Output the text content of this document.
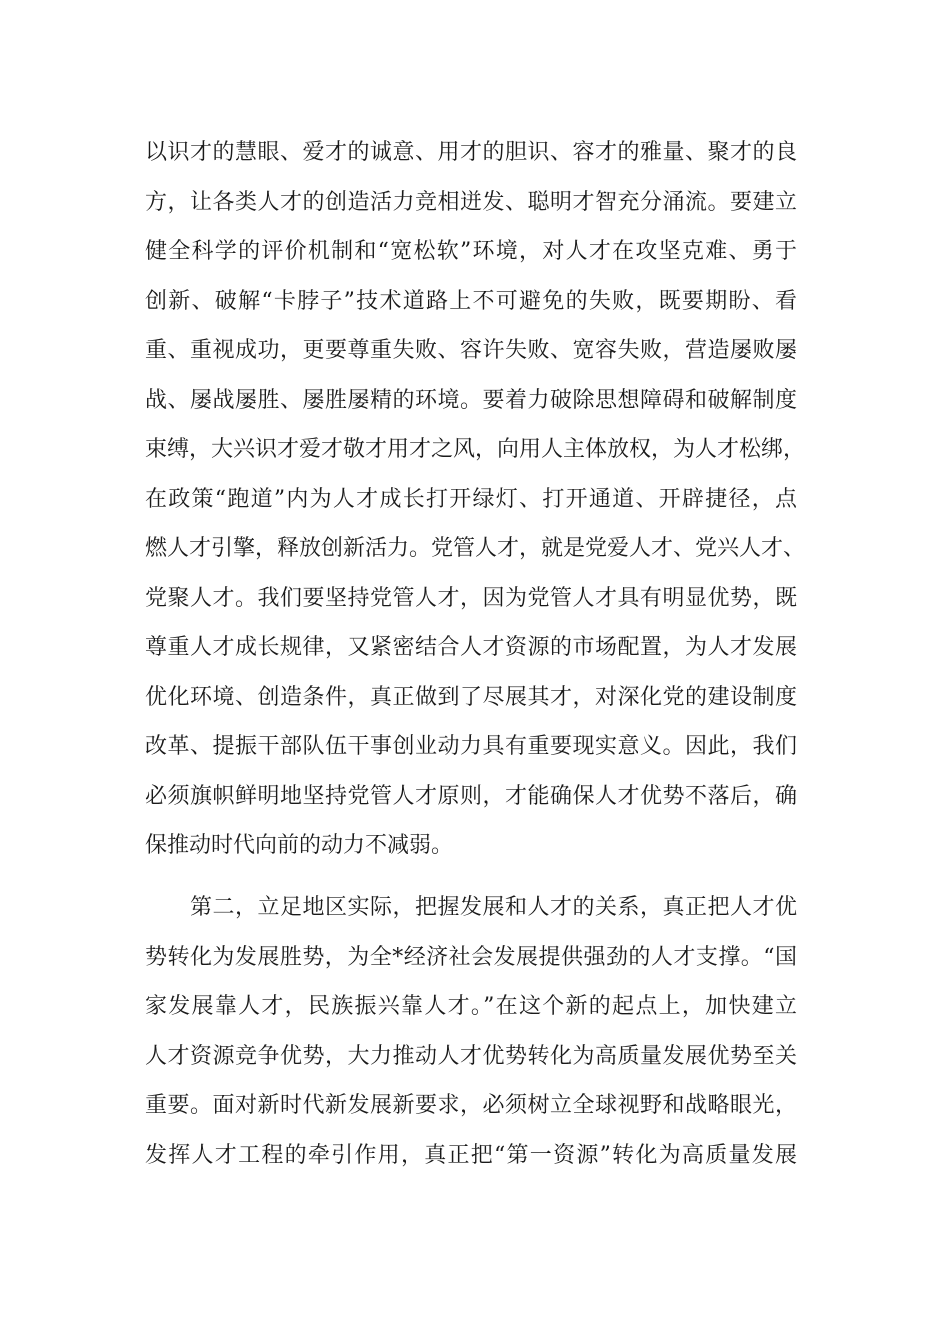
以识才的慧眼、爱才的诚意、用才的胆识、容才的雅量、聚才的良
方，让各类人才的创造活力竞相迸发、聪明才智充分涌流。要建立
健全科学的评价机制和“宽松软”环境，对人才在攻坚克难、勇于
创新、破解“卡脖子”技术道路上不可避免的失败，既要期盼、看
重、重视成功，更要尊重失败、容许失败、宽容失败，营造屡败屡
战、屡战屡胜、屡胜屡精的环境。要着力破除思想障碍和破解制度
束缚，大兴识才爱才敬才用才之风，向用人主体放权，为人才松绑，
在政策“跑道”内为人才成长打开绿灯、打开通道、开辟捷径，点
燃人才引擎，释放创新活力。党管人才，就是党爱人才、党兴人才、
党聚人才。我们要坚持党管人才，因为党管人才具有明显优势，既
尊重人才成长规律，又紧密结合人才资源的市场配置，为人才发展
优化环境、创造条件，真正做到了尽展其才，对深化党的建设制度
改革、提振干部队伍干事创业动力具有重要现实意义。因此，我们
必须旗帜鲜明地坚持党管人才原则，才能确保人才优势不落后，确
保推动时代向前的动力不减弱。
　　第二，立足地区实际，把握发展和人才的关系，真正把人才优
势转化为发展胜势，为全*经济社会发展提供强劲的人才支撑。“国
家发展靠人才，民族振兴靠人才。”在这个新的起点上，加快建立
人才资源竞争优势，大力推动人才优势转化为高质量发展优势至关
重要。面对新时代新发展新要求，必须树立全球视野和战略眼光，
发挥人才工程的牵引作用，真正把“第一资源”转化为高质量发展
